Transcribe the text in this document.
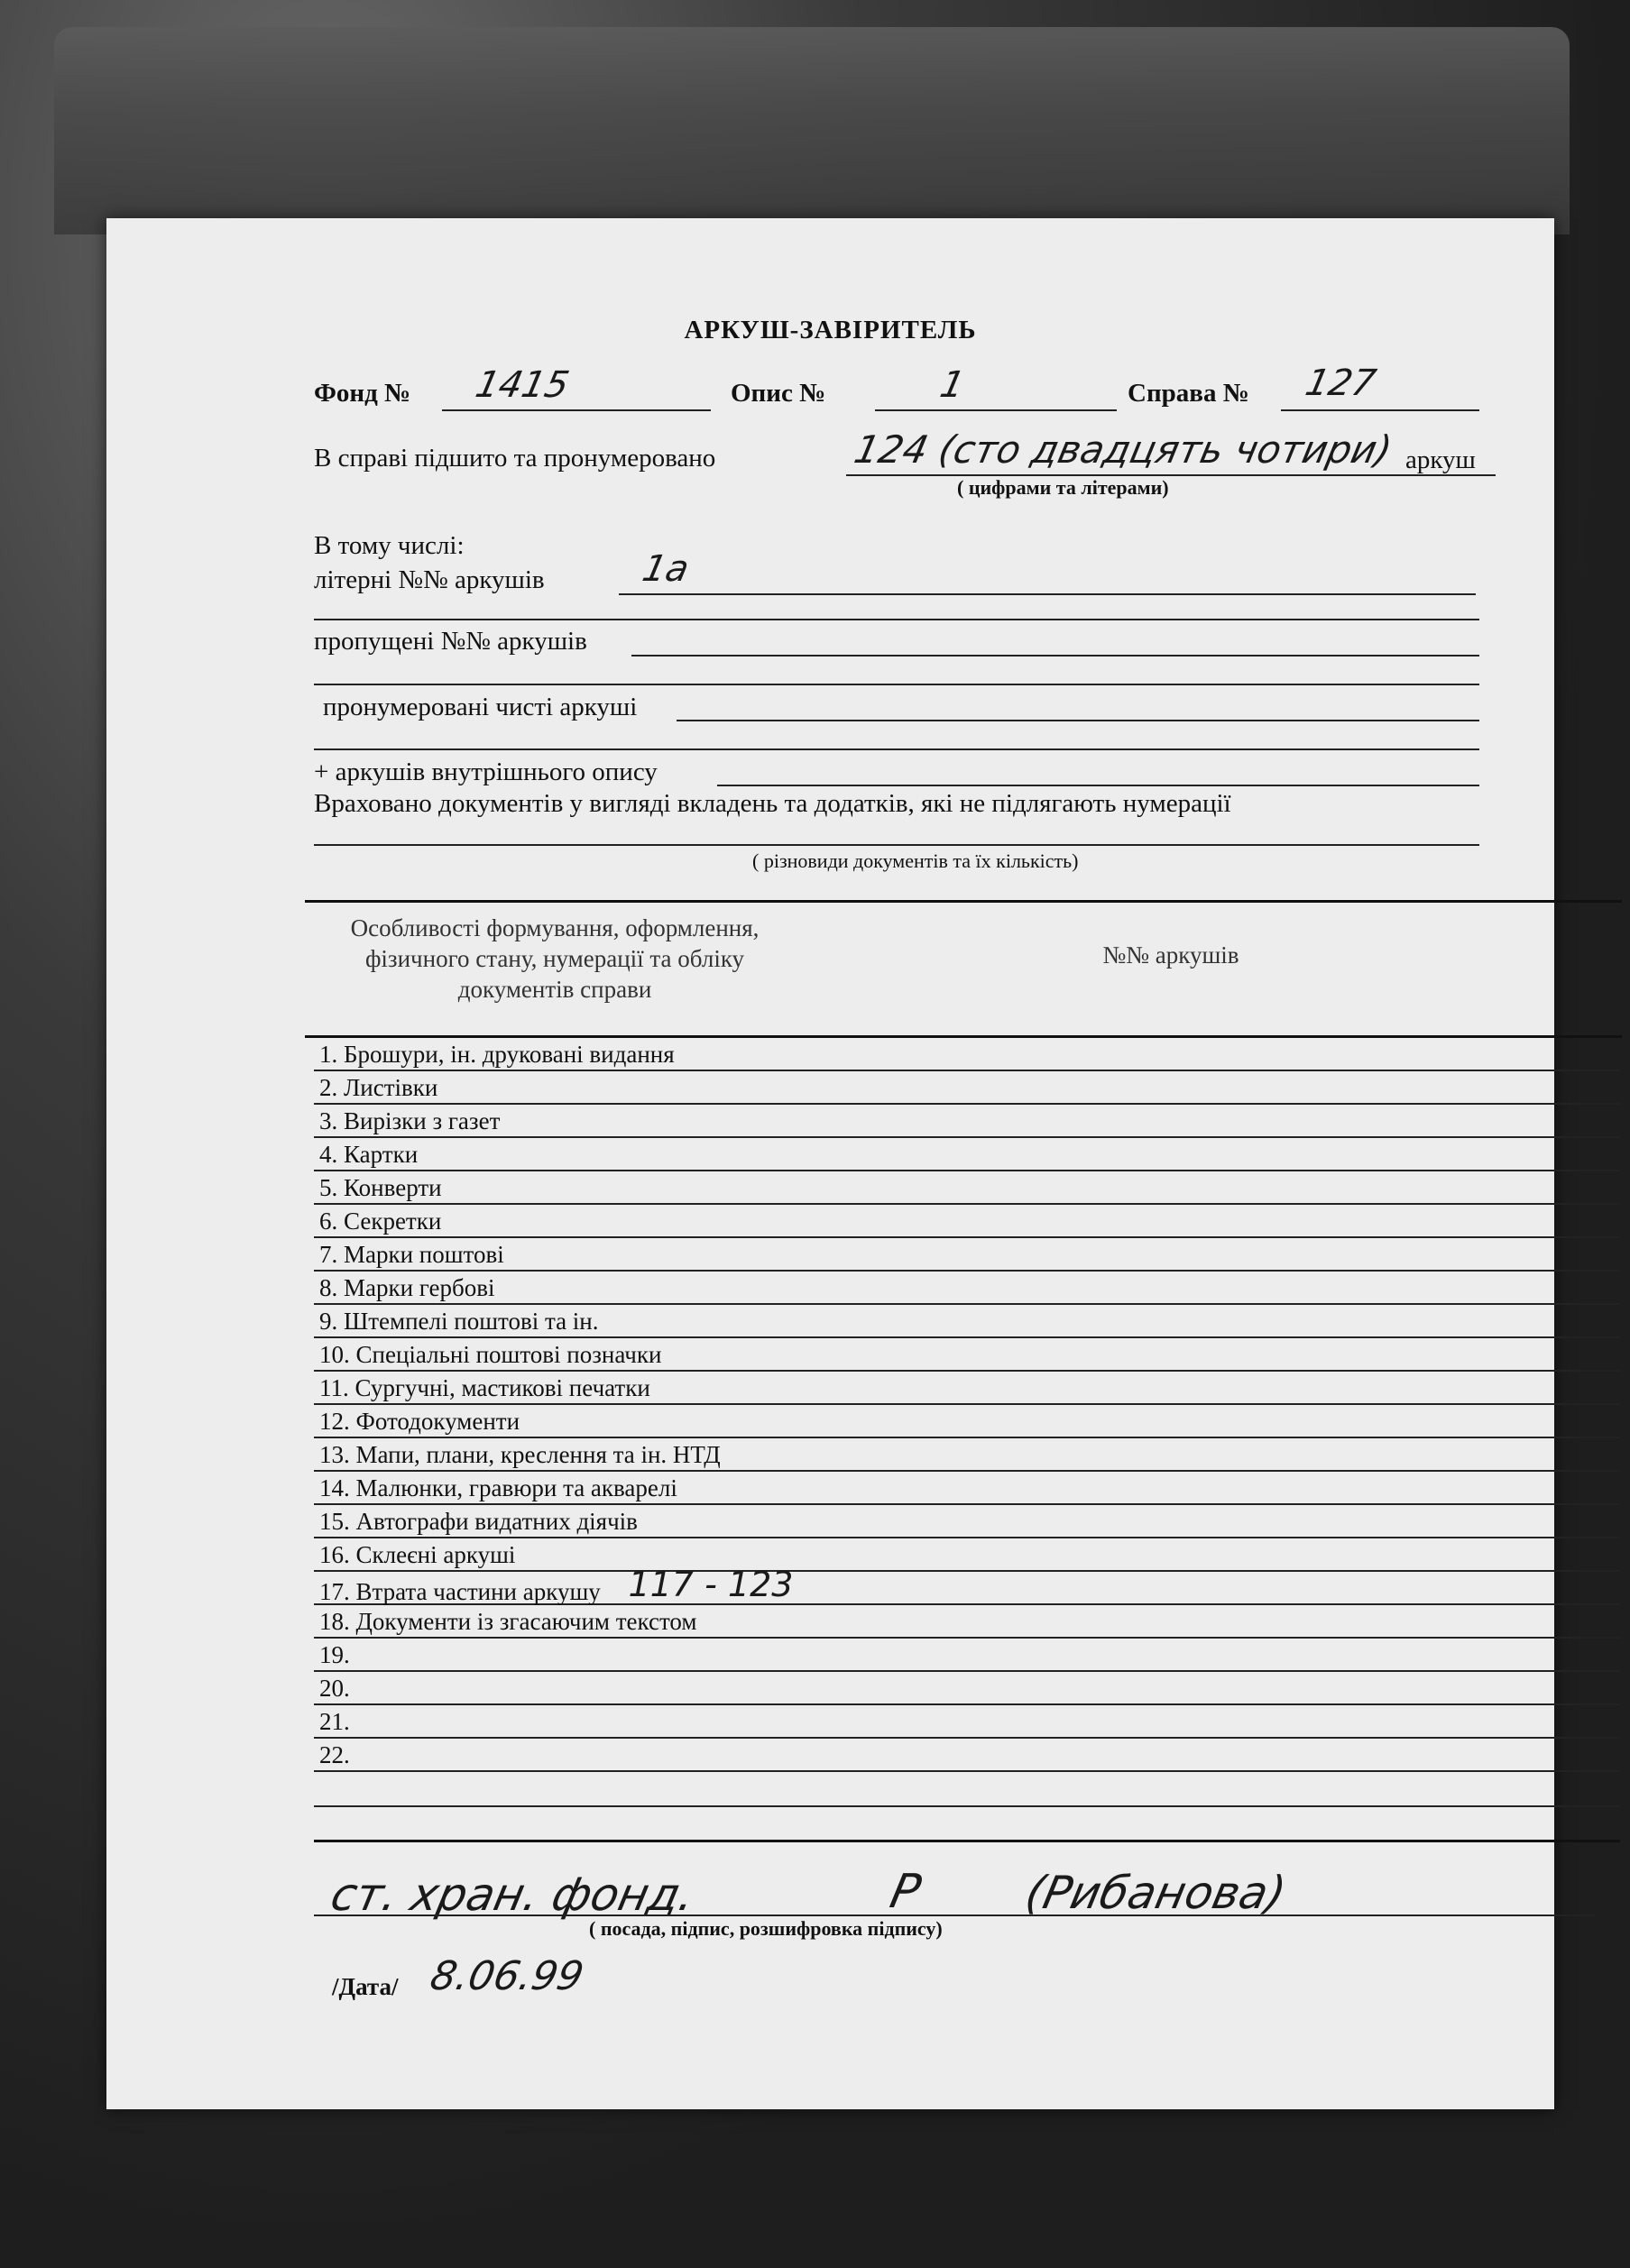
АРКУШ-ЗАВІРИТЕЛЬ
Фонд № 1415	Опис №	1	Справа № 127
В справі підшито та пронумеровано	124 (сто двадцять чотири) аркуш
( цифрами та літерами)
В тому числі:
літерні №№ аркушів	1а
пропущені №№ аркушів
пронумеровані чисті аркуші
+ аркушів внутрішнього опису
Враховано документів у вигляді вкладень та додатків, які не підлягають нумерації
( різновиди документів та їх кількість)
Особливості формування, оформлення, фізичного стану, нумерації та обліку документів справи
№№ аркушів
1. Брошури, ін. друковані видання
2. Листівки
3. Вирізки з газет
4. Картки
5. Конверти
6. Секретки
7. Марки поштові
8. Марки гербові
9. Штемпелі поштові та ін.
10. Спеціальні поштові позначки
11. Сургучні, мастикові печатки
12. Фотодокументи
13. Мапи, плани, креслення та ін. НТД
14. Малюнки, гравюри та акварелі
15. Автографи видатних діячів
16. Склеєні аркуші
17. Втрата частини аркушу 117 - 123
18. Документи із згасаючим текстом
19.
20.
21.
22.
ст. хран. фонд.	Р (Рибанова)
( посада, підпис, розшифровка підпису)
/Дата/ 8.06.99
